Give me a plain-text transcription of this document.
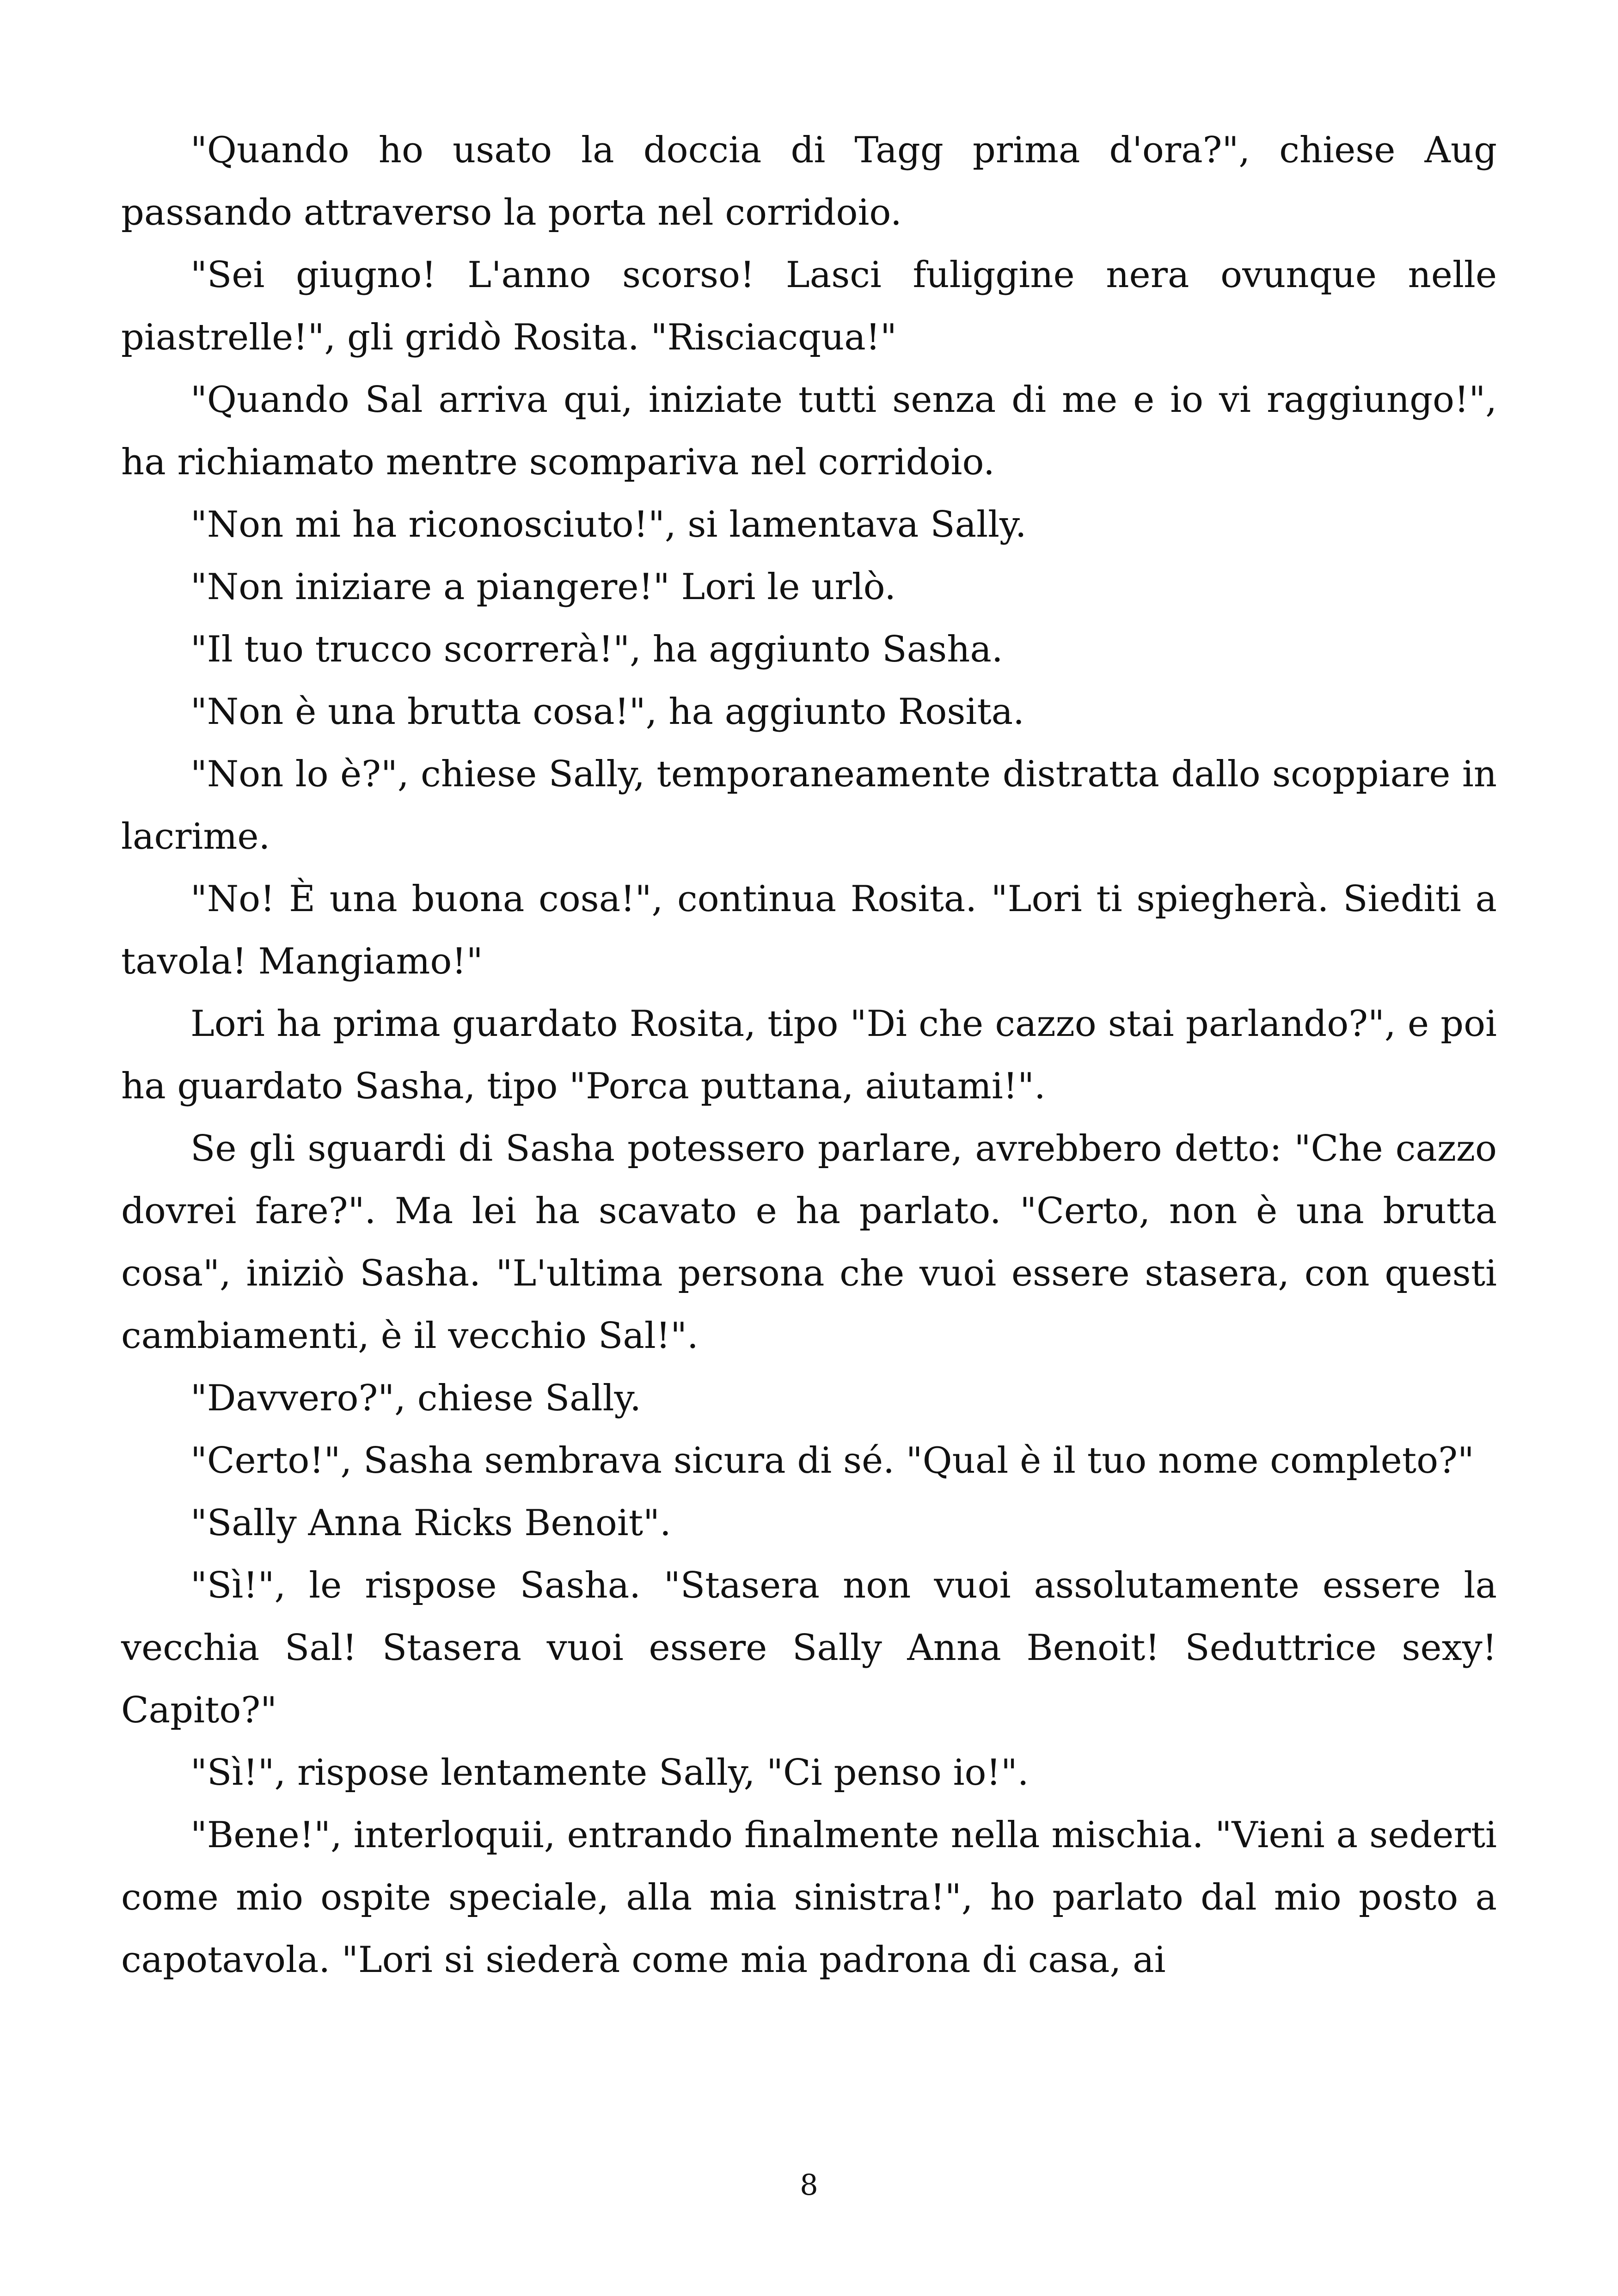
"Quando ho usato la doccia di Tagg prima d'ora?", chiese Aug passando attraverso la porta nel corridoio.

"Sei giugno! L'anno scorso! Lasci fuliggine nera ovunque nelle piastrelle!", gli gridò Rosita. "Risciacqua!"

"Quando Sal arriva qui, iniziate tutti senza di me e io vi raggiungo!", ha richiamato mentre scompariva nel corridoio.

"Non mi ha riconosciuto!", si lamentava Sally.

"Non iniziare a piangere!" Lori le urlò.

"Il tuo trucco scorrerà!", ha aggiunto Sasha.

"Non è una brutta cosa!", ha aggiunto Rosita.

"Non lo è?", chiese Sally, temporaneamente distratta dallo scoppiare in lacrime.

"No! È una buona cosa!", continua Rosita. "Lori ti spiegherà. Siediti a tavola! Mangiamo!"

Lori ha prima guardato Rosita, tipo "Di che cazzo stai parlando?", e poi ha guardato Sasha, tipo "Porca puttana, aiutami!".

Se gli sguardi di Sasha potessero parlare, avrebbero detto: "Che cazzo dovrei fare?". Ma lei ha scavato e ha parlato. "Certo, non è una brutta cosa", iniziò Sasha. "L'ultima persona che vuoi essere stasera, con questi cambiamenti, è il vecchio Sal!".

"Davvero?", chiese Sally.

"Certo!", Sasha sembrava sicura di sé. "Qual è il tuo nome completo?"

"Sally Anna Ricks Benoit".

"Sì!", le rispose Sasha. "Stasera non vuoi assolutamente essere la vecchia Sal! Stasera vuoi essere Sally Anna Benoit! Seduttrice sexy! Capito?"

"Sì!", rispose lentamente Sally, "Ci penso io!".

"Bene!", interloquii, entrando finalmente nella mischia. "Vieni a sederti come mio ospite speciale, alla mia sinistra!", ho parlato dal mio posto a capotavola. "Lori si siederà come mia padrona di casa, ai

8
